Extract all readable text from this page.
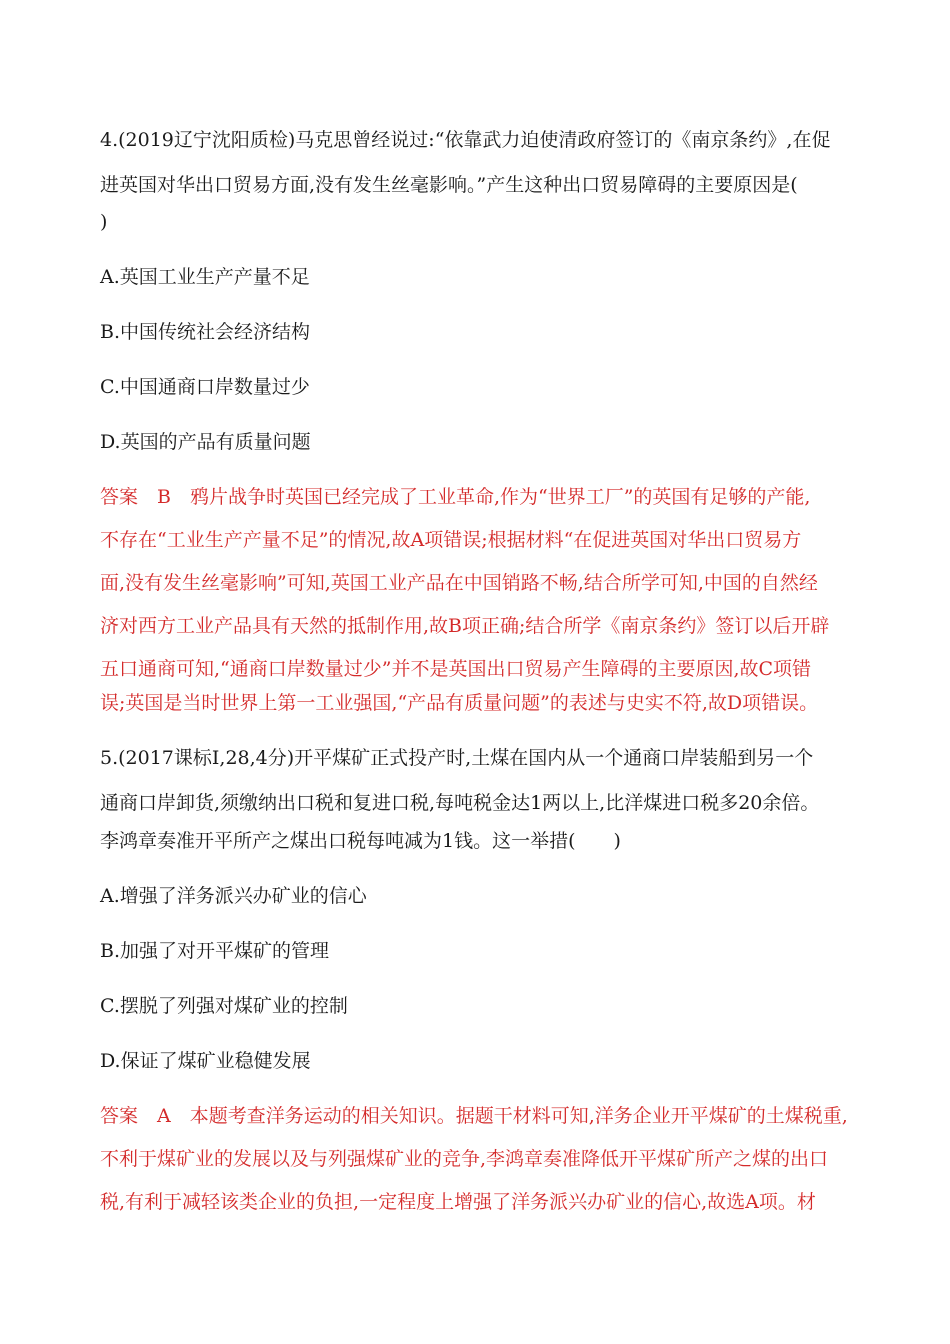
4.(2019辽宁沈阳质检)马克思曾经说过:“依靠武力迫使清政府签订的《南京条约》,在促
进英国对华出口贸易方面,没有发生丝毫影响。”产生这种出口贸易障碍的主要原因是(
)
A.英国工业生产产量不足
B.中国传统社会经济结构
C.中国通商口岸数量过少
D.英国的产品有质量问题
答案　B　鸦片战争时英国已经完成了工业革命,作为“世界工厂”的英国有足够的产能,
不存在“工业生产产量不足”的情况,故A项错误;根据材料“在促进英国对华出口贸易方
面,没有发生丝毫影响”可知,英国工业产品在中国销路不畅,结合所学可知,中国的自然经
济对西方工业产品具有天然的抵制作用,故B项正确;结合所学《南京条约》签订以后开辟
五口通商可知,“通商口岸数量过少”并不是英国出口贸易产生障碍的主要原因,故C项错
误;英国是当时世界上第一工业强国,“产品有质量问题”的表述与史实不符,故D项错误。
5.(2017课标Ⅰ,28,4分)开平煤矿正式投产时,土煤在国内从一个通商口岸装船到另一个
通商口岸卸货,须缴纳出口税和复进口税,每吨税金达1两以上,比洋煤进口税多20余倍。
李鸿章奏准开平所产之煤出口税每吨减为1钱。这一举措(　　)
A.增强了洋务派兴办矿业的信心
B.加强了对开平煤矿的管理
C.摆脱了列强对煤矿业的控制
D.保证了煤矿业稳健发展
答案　A　本题考查洋务运动的相关知识。据题干材料可知,洋务企业开平煤矿的土煤税重,
不利于煤矿业的发展以及与列强煤矿业的竞争,李鸿章奏准降低开平煤矿所产之煤的出口
税,有利于减轻该类企业的负担,一定程度上增强了洋务派兴办矿业的信心,故选A项。材
